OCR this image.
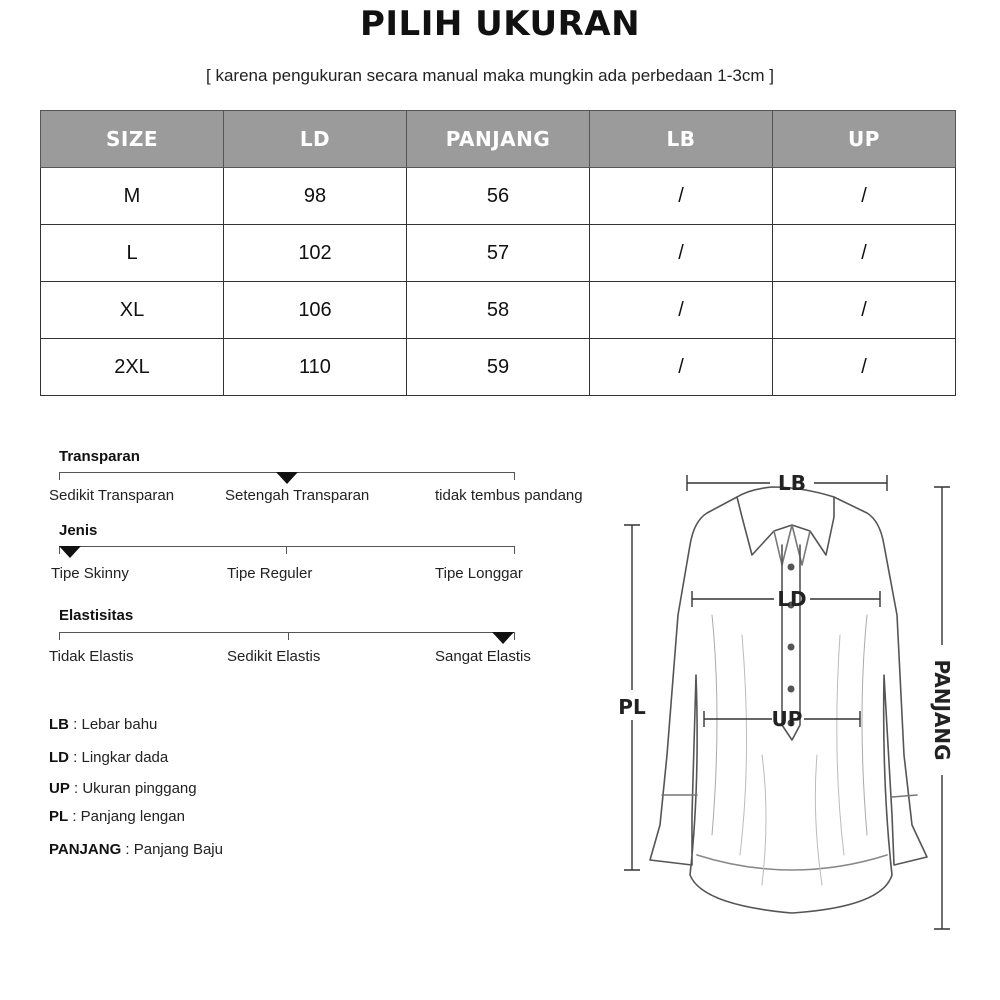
PILIH UKURAN
[ karena pengukuran secara manual maka mungkin ada perbedaan 1-3cm ]
SIZE	LD	PANJANG	LB	UP
M	98	56	/	/
L	102	57	/	/
XL	106	58	/	/
2XL	110	59	/	/
Transparan
Sedikit Transparan	Setengah Transparan	tidak tembus pandang
Jenis
Tipe Skinny	Tipe Reguler	Tipe Longgar
Elastisitas
Tidak Elastis	Sedikit Elastis	Sangat Elastis
LB : Lebar bahu
LD : Lingkar dada
UP : Ukuran pinggang
PL : Panjang lengan
PANJANG : Panjang Baju
LB
LD
UP
PL	PANJANG
